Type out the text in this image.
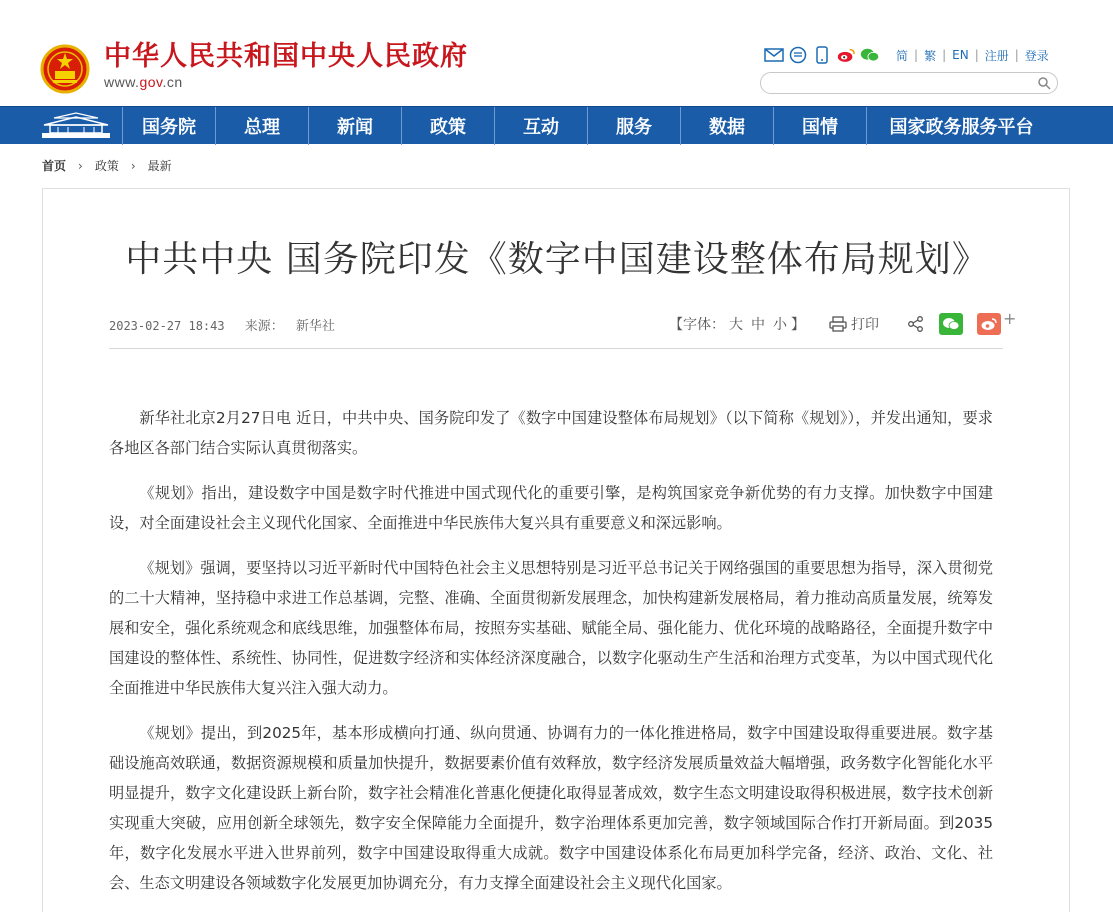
中华人民共和国中央人民政府
www.gov.cn
简 | 繁 | EN | 注册 | 登录
国务院	总理	新闻	政策	互动	服务	数据	国情	国家政务服务平台
首页 › 政策 › 最新
中共中央 国务院印发《数字中国建设整体布局规划》
2023-02-27 18:43 来源： 新华社	【字体： 大 中 小 】	打印	+

新华社北京2月27日电 近日，中共中央、国务院印发了《数字中国建设整体布局规划》（以下简称《规划》），并发出通知，要求各地区各部门结合实际认真贯彻落实。

《规划》指出，建设数字中国是数字时代推进中国式现代化的重要引擎，是构筑国家竞争新优势的有力支撑。加快数字中国建设，对全面建设社会主义现代化国家、全面推进中华民族伟大复兴具有重要意义和深远影响。

《规划》强调，要坚持以习近平新时代中国特色社会主义思想特别是习近平总书记关于网络强国的重要思想为指导，深入贯彻党的二十大精神，坚持稳中求进工作总基调，完整、准确、全面贯彻新发展理念，加快构建新发展格局，着力推动高质量发展，统筹发展和安全，强化系统观念和底线思维，加强整体布局，按照夯实基础、赋能全局、强化能力、优化环境的战略路径，全面提升数字中国建设的整体性、系统性、协同性，促进数字经济和实体经济深度融合，以数字化驱动生产生活和治理方式变革，为以中国式现代化全面推进中华民族伟大复兴注入强大动力。

《规划》提出，到2025年，基本形成横向打通、纵向贯通、协调有力的一体化推进格局，数字中国建设取得重要进展。数字基础设施高效联通，数据资源规模和质量加快提升，数据要素价值有效释放，数字经济发展质量效益大幅增强，政务数字化智能化水平明显提升，数字文化建设跃上新台阶，数字社会精准化普惠化便捷化取得显著成效，数字生态文明建设取得积极进展，数字技术创新实现重大突破，应用创新全球领先，数字安全保障能力全面提升，数字治理体系更加完善，数字领域国际合作打开新局面。到2035年，数字化发展水平进入世界前列，数字中国建设取得重大成就。数字中国建设体系化布局更加科学完备，经济、政治、文化、社会、生态文明建设各领域数字化发展更加协调充分，有力支撑全面建设社会主义现代化国家。
